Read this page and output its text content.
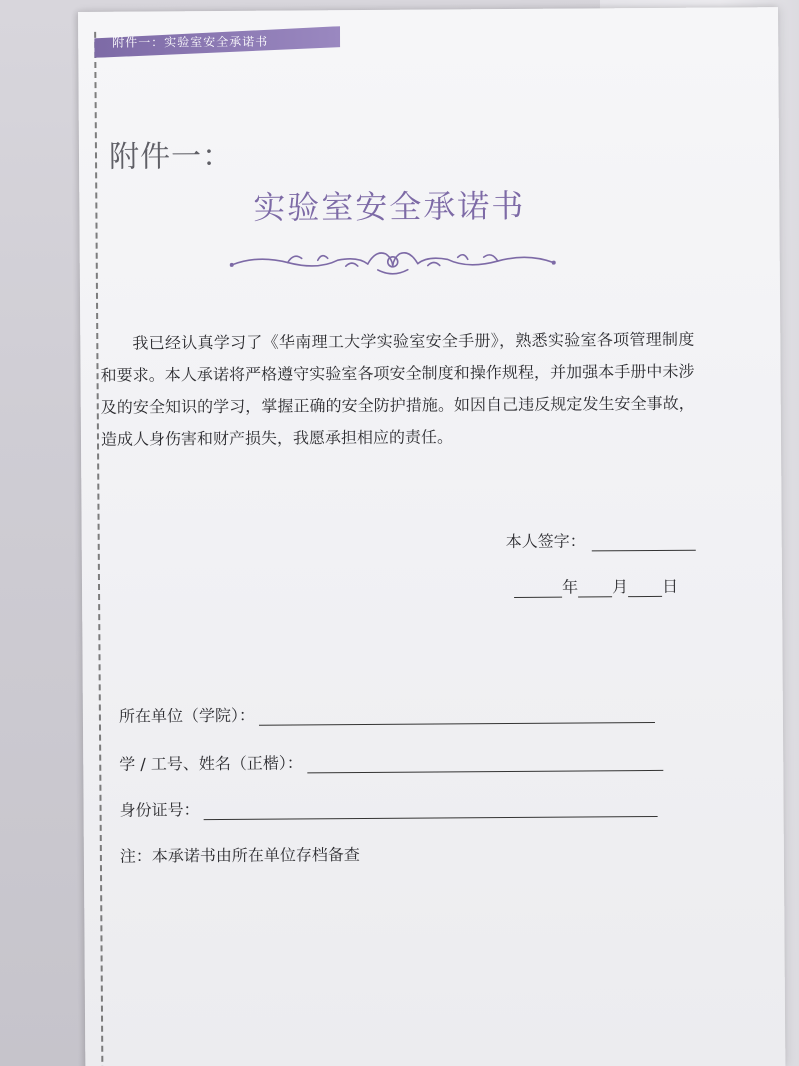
附件一：实验室安全承诺书
附件一：
实验室安全承诺书
我已经认真学习了《华南理工大学实验室安全手册》，熟悉实验室各项管理制度和要求。本人承诺将严格遵守实验室各项安全制度和操作规程，并加强本手册中未涉及的安全知识的学习，掌握正确的安全防护措施。如因自己违反规定发生安全事故，造成人身伤害和财产损失，我愿承担相应的责任。
本人签字：
年 月 日
所在单位（学院）：
学 / 工号、姓名（正楷）：
身份证号：
注：本承诺书由所在单位存档备查
